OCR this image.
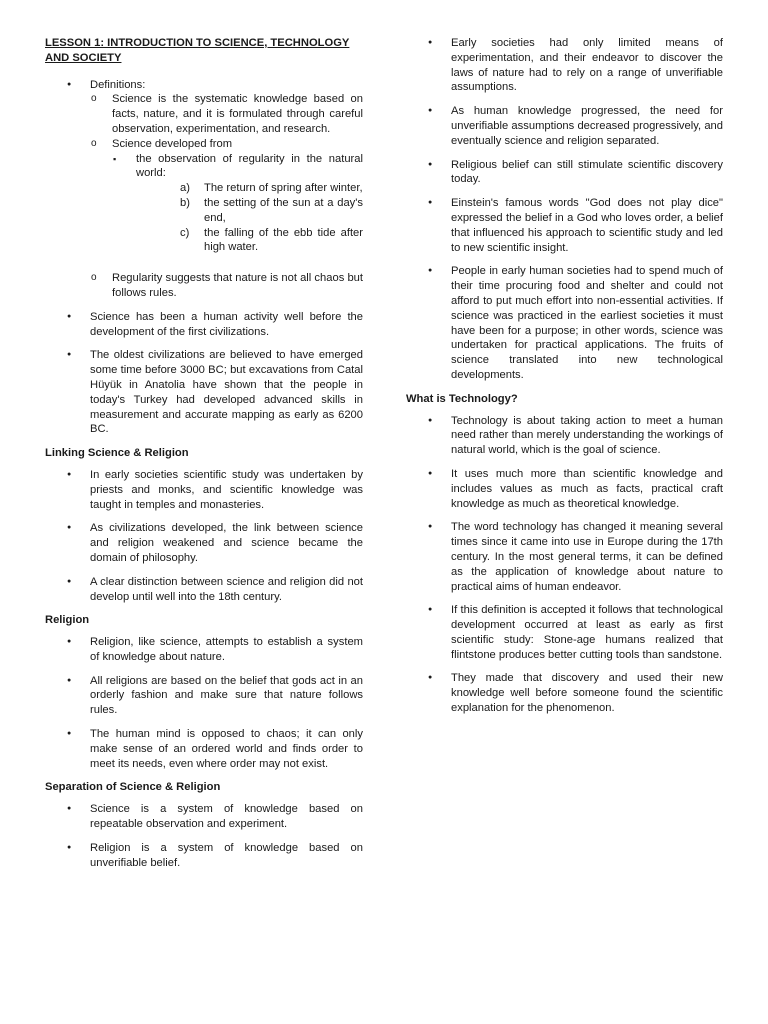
LESSON 1: INTRODUCTION TO SCIENCE, TECHNOLOGY AND SOCIETY
● Definitions:
o Science is the systematic knowledge based on facts, nature, and it is formulated through careful observation, experimentation, and research.
o Science developed from
▪ the observation of regularity in the natural world:
a) The return of spring after winter,
b) the setting of the sun at a day's end,
c) the falling of the ebb tide after high water.
o Regularity suggests that nature is not all chaos but follows rules.
● Science has been a human activity well before the development of the first civilizations.
● The oldest civilizations are believed to have emerged some time before 3000 BC; but excavations from Catal Hüyük in Anatolia have shown that the people in today's Turkey had developed advanced skills in measurement and accurate mapping as early as 6200 BC.
Linking Science & Religion
● In early societies scientific study was undertaken by priests and monks, and scientific knowledge was taught in temples and monasteries.
● As civilizations developed, the link between science and religion weakened and science became the domain of philosophy.
● A clear distinction between science and religion did not develop until well into the 18th century.
Religion
● Religion, like science, attempts to establish a system of knowledge about nature.
● All religions are based on the belief that gods act in an orderly fashion and make sure that nature follows rules.
● The human mind is opposed to chaos; it can only make sense of an ordered world and finds order to meet its needs, even where order may not exist.
Separation of Science & Religion
● Science is a system of knowledge based on repeatable observation and experiment.
● Religion is a system of knowledge based on unverifiable belief.
● Early societies had only limited means of experimentation, and their endeavor to discover the laws of nature had to rely on a range of unverifiable assumptions.
● As human knowledge progressed, the need for unverifiable assumptions decreased progressively, and eventually science and religion separated.
● Religious belief can still stimulate scientific discovery today.
● Einstein's famous words "God does not play dice" expressed the belief in a God who loves order, a belief that influenced his approach to scientific study and led to new scientific insight.
● People in early human societies had to spend much of their time procuring food and shelter and could not afford to put much effort into non-essential activities. If science was practiced in the earliest societies it must have been for a purpose; in other words, science was undertaken for practical applications. The fruits of science translated into new technological developments.
What is Technology?
● Technology is about taking action to meet a human need rather than merely understanding the workings of natural world, which is the goal of science.
● It uses much more than scientific knowledge and includes values as much as facts, practical craft knowledge as much as theoretical knowledge.
● The word technology has changed it meaning several times since it came into use in Europe during the 17th century. In the most general terms, it can be defined as the application of knowledge about nature to practical aims of human endeavor.
● If this definition is accepted it follows that technological development occurred at least as early as first scientific study: Stone-age humans realized that flintstone produces better cutting tools than sandstone.
● They made that discovery and used their new knowledge well before someone found the scientific explanation for the phenomenon.
